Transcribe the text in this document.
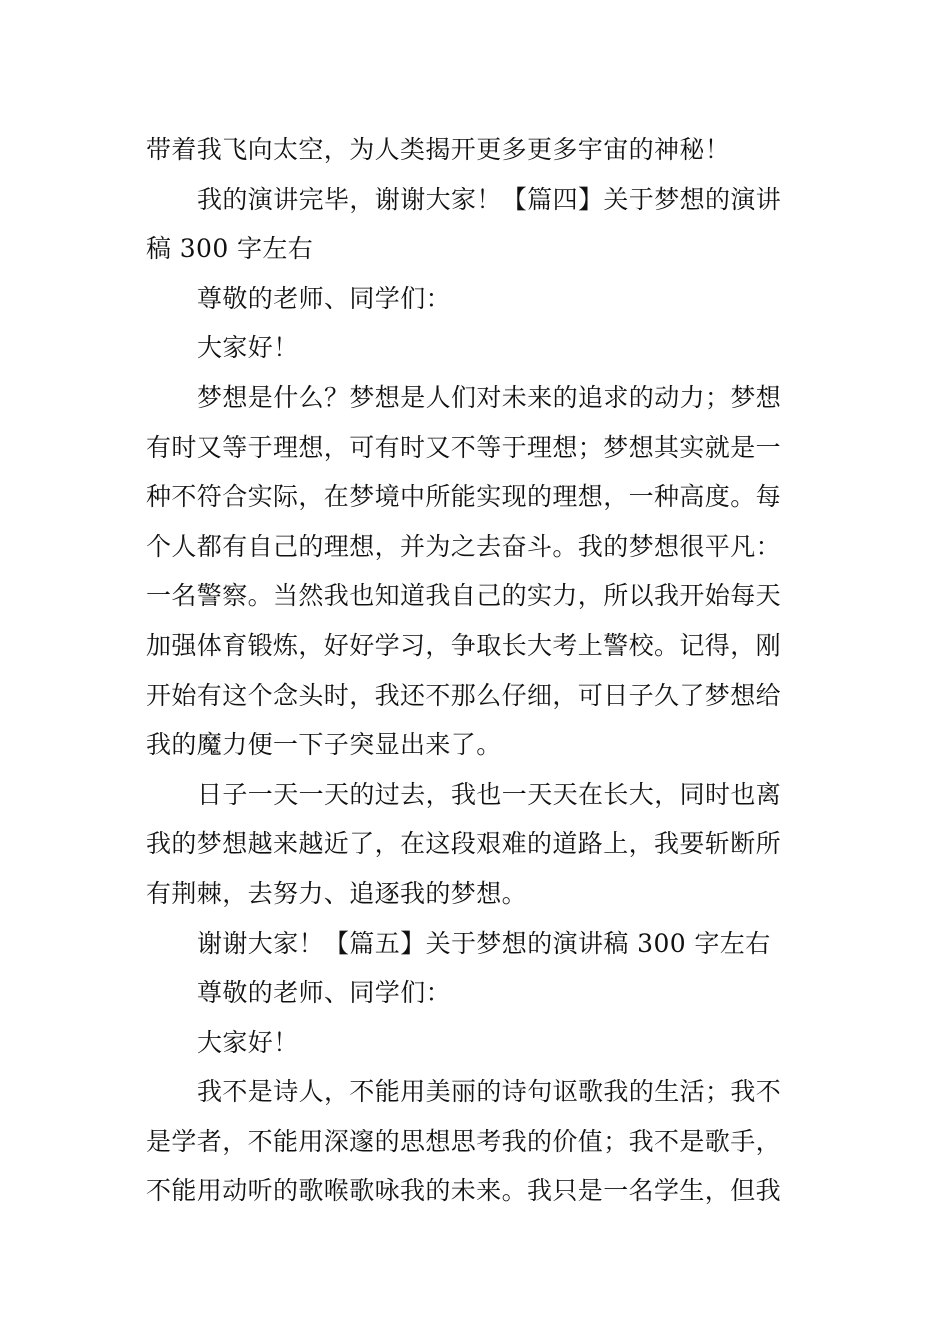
带着我飞向太空，为人类揭开更多更多宇宙的神秘！
我的演讲完毕，谢谢大家！【篇四】关于梦想的演讲
稿 300 字左右
尊敬的老师、同学们：
大家好！
梦想是什么？梦想是人们对未来的追求的动力；梦想
有时又等于理想，可有时又不等于理想；梦想其实就是一
种不符合实际，在梦境中所能实现的理想，一种高度。每
个人都有自己的理想，并为之去奋斗。我的梦想很平凡：
一名警察。当然我也知道我自己的实力，所以我开始每天
加强体育锻炼，好好学习，争取长大考上警校。记得，刚
开始有这个念头时，我还不那么仔细，可日子久了梦想给
我的魔力便一下子突显出来了。
日子一天一天的过去，我也一天天在长大，同时也离
我的梦想越来越近了，在这段艰难的道路上，我要斩断所
有荆棘，去努力、追逐我的梦想。
谢谢大家！【篇五】关于梦想的演讲稿 300 字左右
尊敬的老师、同学们：
大家好！
我不是诗人，不能用美丽的诗句讴歌我的生活；我不
是学者，不能用深邃的思想思考我的价值；我不是歌手，
不能用动听的歌喉歌咏我的未来。我只是一名学生，但我
